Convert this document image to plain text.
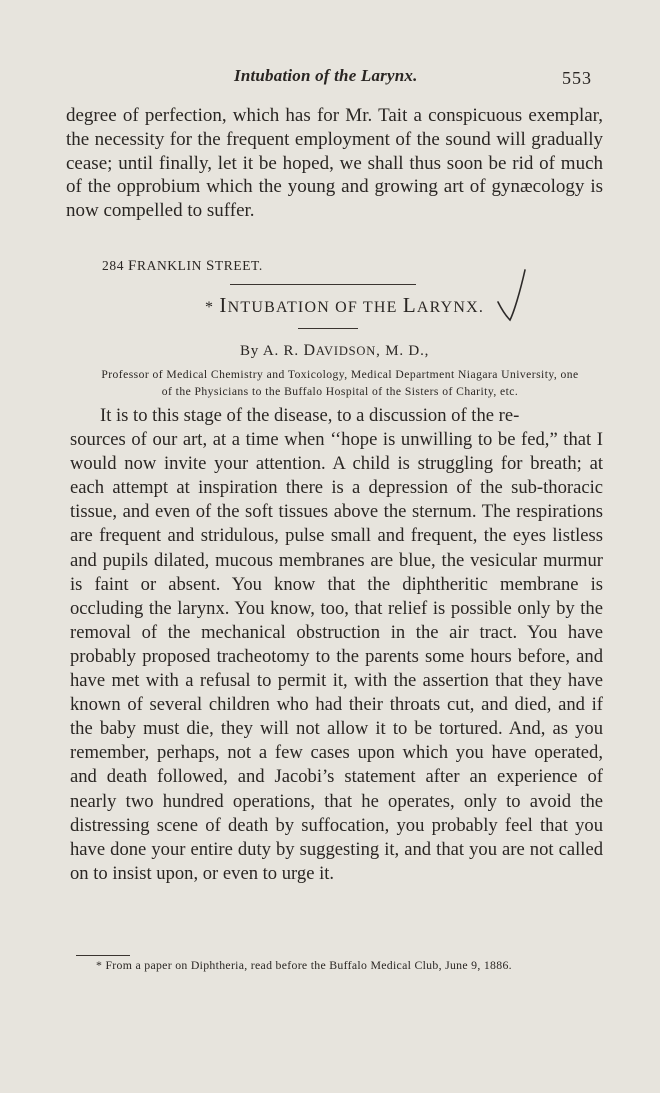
Intubation of the Larynx.	553

degree of perfection, which has for Mr. Tait a conspicuous exemplar, the necessity for the frequent employment of the sound will gradually cease; until finally, let it be hoped, we shall thus soon be rid of much of the opprobium which the young and growing art of gynæcology is now compelled to suffer.

284 FRANKLIN STREET.
* INTUBATION OF THE LARYNX.
By A. R. DAVIDSON, M. D.,
Professor of Medical Chemistry and Toxicology, Medical Department Niagara University, one
of the Physicians to the Buffalo Hospital of the Sisters of Charity, etc.

It is to this stage of the disease, to a discussion of the re-
sources of our art, at a time when ‘‘hope is unwilling to be fed,” that I would now invite your attention. A child is struggling for breath; at each attempt at inspiration there is a depression of the sub-thoracic tissue, and even of the soft tissues above the sternum. The respirations are frequent and stridulous, pulse small and frequent, the eyes listless and pupils dilated, mucous membranes are blue, the vesicular murmur is faint or absent. You know that the diphtheritic membrane is occluding the larynx. You know, too, that relief is possible only by the removal of the mechanical obstruction in the air tract. You have probably proposed tracheotomy to the parents some hours before, and have met with a refusal to permit it, with the assertion that they have known of several children who had their throats cut, and died, and if the baby must die, they will not allow it to be tortured. And, as you remember, perhaps, not a few cases upon which you have operated, and death followed, and Jacobi’s statement after an experience of nearly two hundred operations, that he operates, only to avoid the distressing scene of death by suffocation, you probably feel that you have done your entire duty by suggesting it, and that you are not called on to insist upon, or even to urge it.

* From a paper on Diphtheria, read before the Buffalo Medical Club, June 9, 1886.
